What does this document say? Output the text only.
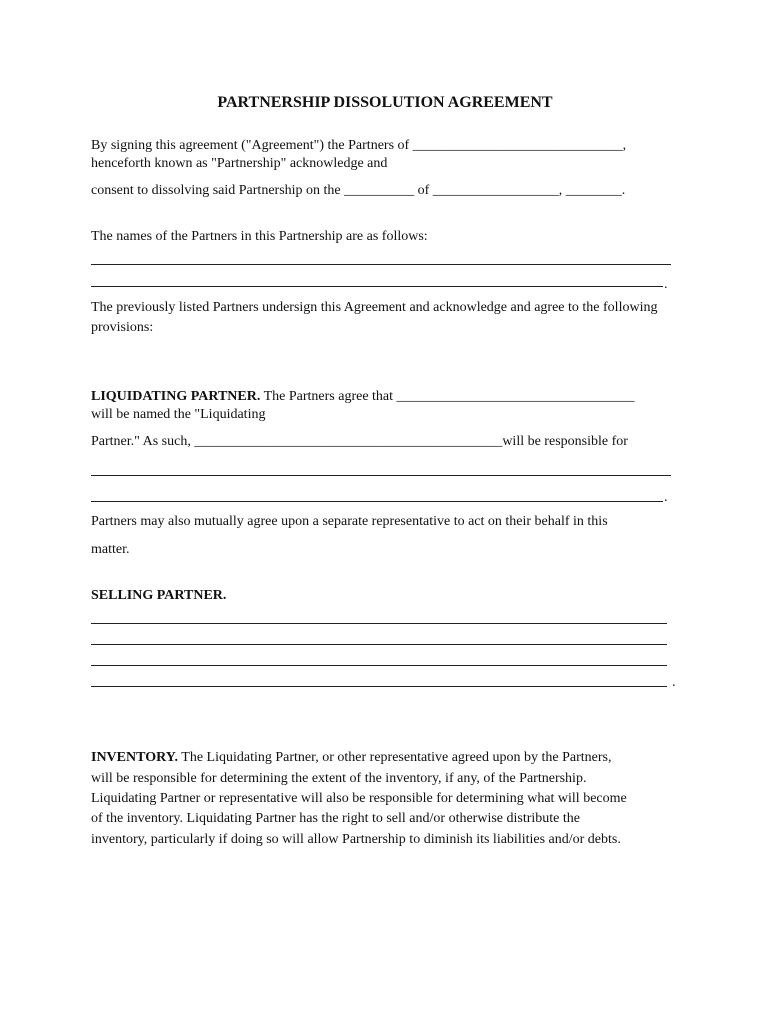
PARTNERSHIP DISSOLUTION AGREEMENT

By signing this agreement ("Agreement") the Partners of ______________________________,

henceforth known as "Partnership" acknowledge and

consent to dissolving said Partnership on the __________ of __________________, ________.

The names of the Partners in this Partnership are as follows:

.

The previously listed Partners undersign this Agreement and acknowledge and agree to the following provisions:

LIQUIDATING PARTNER. The Partners agree that __________________________________

will be named the "Liquidating

Partner." As such, ____________________________________________will be responsible for

.

Partners may also mutually agree upon a separate representative to act on their behalf in this

matter.

SELLING PARTNER.

.

INVENTORY. The Liquidating Partner, or other representative agreed upon by the Partners,

will be responsible for determining the extent of the inventory, if any, of the Partnership.

Liquidating Partner or representative will also be responsible for determining what will become

of the inventory. Liquidating Partner has the right to sell and/or otherwise distribute the

inventory, particularly if doing so will allow Partnership to diminish its liabilities and/or debts.
